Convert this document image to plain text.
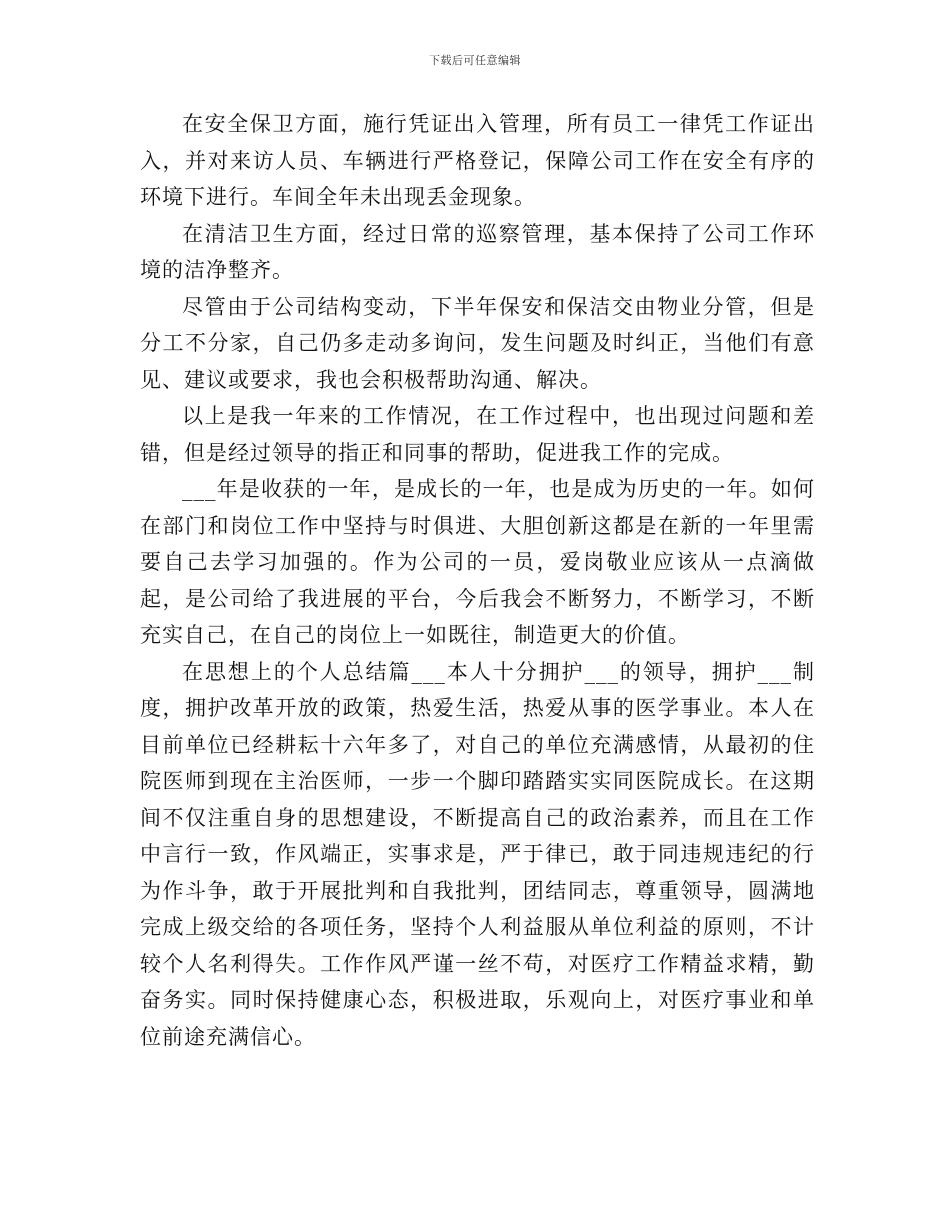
下载后可任意编辑

在安全保卫方面，施行凭证出入管理，所有员工一律凭工作证出入，并对来访人员、车辆进行严格登记，保障公司工作在安全有序的环境下进行。车间全年未出现丢金现象。

在清洁卫生方面，经过日常的巡察管理，基本保持了公司工作环境的洁净整齐。

尽管由于公司结构变动，下半年保安和保洁交由物业分管，但是分工不分家，自己仍多走动多询问，发生问题及时纠正，当他们有意见、建议或要求，我也会积极帮助沟通、解决。

以上是我一年来的工作情况，在工作过程中，也出现过问题和差错，但是经过领导的指正和同事的帮助，促进我工作的完成。

___年是收获的一年，是成长的一年，也是成为历史的一年。如何在部门和岗位工作中坚持与时俱进、大胆创新这都是在新的一年里需要自己去学习加强的。作为公司的一员，爱岗敬业应该从一点滴做起，是公司给了我进展的平台，今后我会不断努力，不断学习，不断充实自己，在自己的岗位上一如既往，制造更大的价值。

在思想上的个人总结篇___本人十分拥护___的领导，拥护___制度，拥护改革开放的政策，热爱生活，热爱从事的医学事业。本人在目前单位已经耕耘十六年多了，对自己的单位充满感情，从最初的住院医师到现在主治医师，一步一个脚印踏踏实实同医院成长。在这期间不仅注重自身的思想建设，不断提高自己的政治素养，而且在工作中言行一致，作风端正，实事求是，严于律已，敢于同违规违纪的行为作斗争，敢于开展批判和自我批判，团结同志，尊重领导，圆满地完成上级交给的各项任务，坚持个人利益服从单位利益的原则，不计较个人名利得失。工作作风严谨一丝不苟，对医疗工作精益求精，勤奋务实。同时保持健康心态，积极进取，乐观向上，对医疗事业和单位前途充满信心。
